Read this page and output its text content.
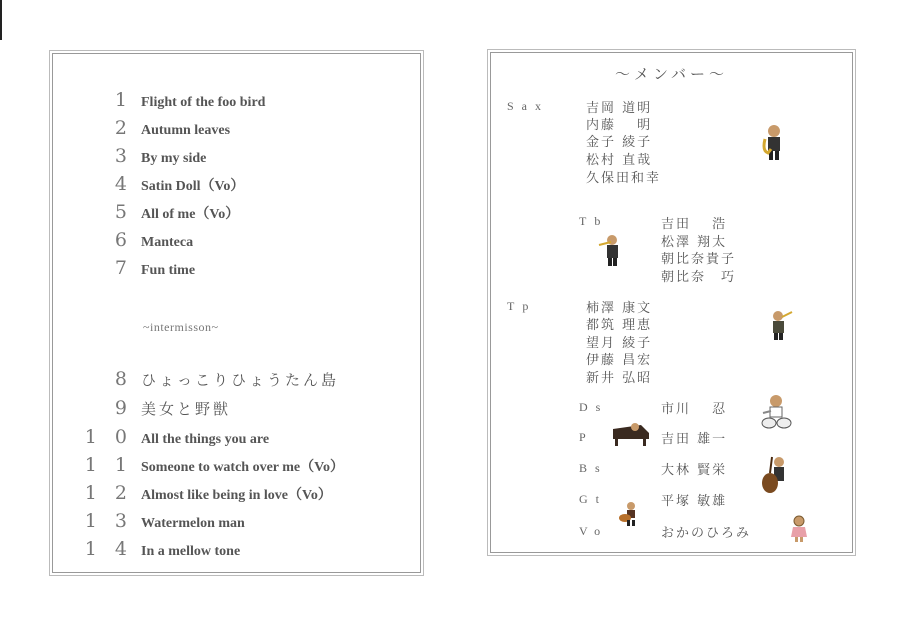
1 Flight of the foo bird
2 Autumn leaves
3 By my side
4 Satin Doll（Vo）
5 All of me（Vo）
6 Manteca
7 Fun time
~intermisson~
8 ひょっこりひょうたん島
9 美女と野獣
1 0 All the things you are
1 1 Someone to watch over me（Vo）
1 2 Almost like being in love（Vo）
1 3 Watermelon man
1 4 In a mellow tone
～メンバー～
Sax	吉岡 道明
内藤　 明
金子 綾子
松村 直哉
久保田和幸
Tb	吉田　 浩
松澤 翔太
朝比奈貴子
朝比奈　巧
Tp	柿澤 康文
都筑 理恵
望月 綾子
伊藤 昌宏
新井 弘昭
Ds	市川　 忍
P	吉田 雄一
Bs	大林 賢栄
Gt	平塚 敏雄
Vo	おかのひろみ
